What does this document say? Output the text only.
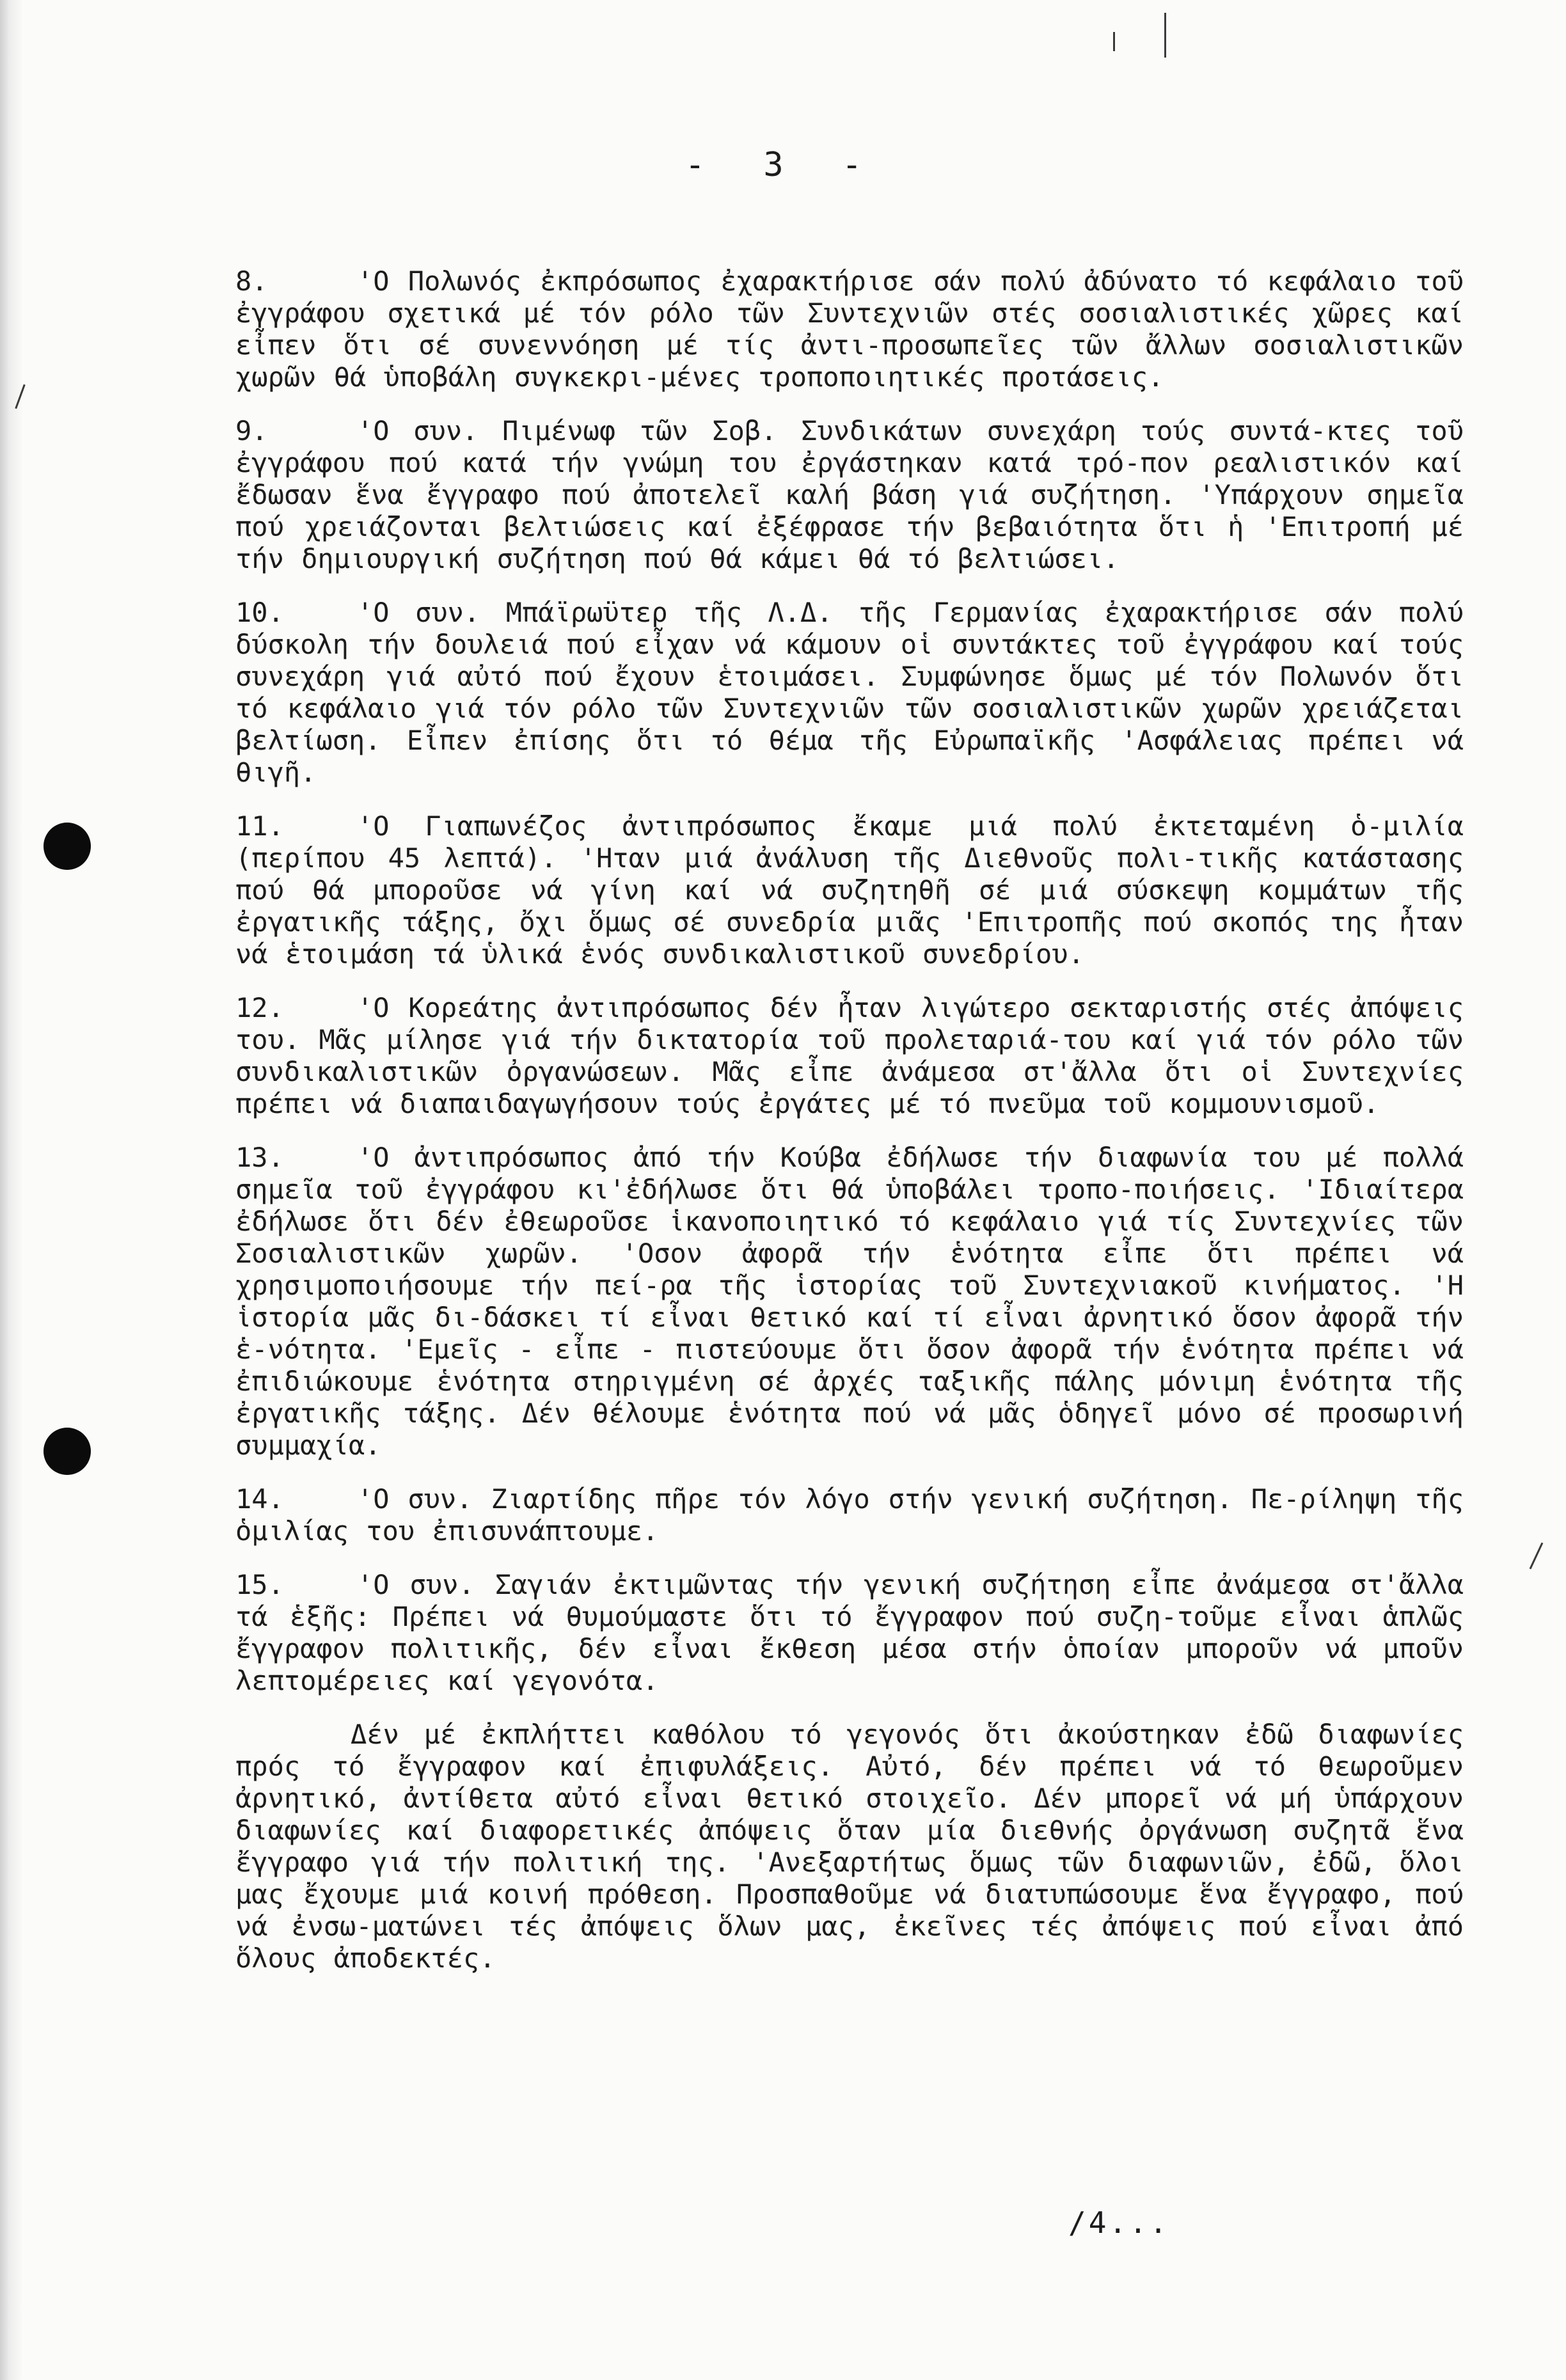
- 3 -

8.	'Ο Πολωνός ἐκπρόσωπος ἐχαρακτήρισε σάν πολύ ἀδύνατο τό κεφάλαιο τοῦ ἐγγράφου σχετικά μέ τόν ρόλο τῶν Συντεχνιῶν στές σοσιαλιστικές χῶρες καί εἶπεν ὅτι σέ συνεννόηση μέ τίς ἀντι-προσωπεῖες τῶν ἄλλων σοσιαλιστικῶν χωρῶν θά ὑποβάλη συγκεκρι-μένες τροποποιητικές προτάσεις.

9.	'Ο συν. Πιμένωφ τῶν Σοβ. Συνδικάτων συνεχάρη τούς συντά-κτες τοῦ ἐγγράφου πού κατά τήν γνώμη του ἐργάστηκαν κατά τρό-πον ρεαλιστικόν καί ἔδωσαν ἕνα ἔγγραφο πού ἀποτελεῖ καλή βάση γιά συζήτηση. 'Υπάρχουν σημεῖα πού χρειάζονται βελτιώσεις καί ἐξέφρασε τήν βεβαιότητα ὅτι ἡ 'Επιτροπή μέ τήν δημιουργική συζήτηση πού θά κάμει θά τό βελτιώσει.

10.	'Ο συν. Μπάϊρωϋτερ τῆς Λ.Δ. τῆς Γερμανίας ἐχαρακτήρισε σάν πολύ δύσκολη τήν δουλειά πού εἶχαν νά κάμουν οἱ συντάκτες τοῦ ἐγγράφου καί τούς συνεχάρη γιά αὐτό πού ἔχουν ἑτοιμάσει. Συμφώνησε ὅμως μέ τόν Πολωνόν ὅτι τό κεφάλαιο γιά τόν ρόλο τῶν Συντεχνιῶν τῶν σοσιαλιστικῶν χωρῶν χρειάζεται βελτίωση. Εἶπεν ἐπίσης ὅτι τό θέμα τῆς Εὐρωπαϊκῆς 'Ασφάλειας πρέπει νά θιγῆ.

11.	'Ο Γιαπωνέζος ἀντιπρόσωπος ἔκαμε μιά πολύ ἐκτεταμένη ὁ-μιλία (περίπου 45 λεπτά). 'Ηταν μιά ἀνάλυση τῆς Διεθνοῦς πολι-τικῆς κατάστασης πού θά μποροῦσε νά γίνη καί νά συζητηθῆ σέ μιά σύσκεψη κομμάτων τῆς ἐργατικῆς τάξης, ὄχι ὅμως σέ συνεδρία μιᾶς 'Επιτροπῆς πού σκοπός της ἦταν νά ἑτοιμάση τά ὑλικά ἑνός συνδικαλιστικοῦ συνεδρίου.

12.	'Ο Κορεάτης ἀντιπρόσωπος δέν ἦταν λιγώτερο σεκταριστής στές ἀπόψεις του. Μᾶς μίλησε γιά τήν δικτατορία τοῦ προλεταριά-του καί γιά τόν ρόλο τῶν συνδικαλιστικῶν ὀργανώσεων. Μᾶς εἶπε ἀνάμεσα στ'ἄλλα ὅτι οἱ Συντεχνίες πρέπει νά διαπαιδαγωγήσουν τούς ἐργάτες μέ τό πνεῦμα τοῦ κομμουνισμοῦ.

13.	'Ο ἀντιπρόσωπος ἀπό τήν Κούβα ἐδήλωσε τήν διαφωνία του μέ πολλά σημεῖα τοῦ ἐγγράφου κι'ἐδήλωσε ὅτι θά ὑποβάλει τροπο-ποιήσεις. 'Ιδιαίτερα ἐδήλωσε ὅτι δέν ἐθεωροῦσε ἱκανοποιητικό τό κεφάλαιο γιά τίς Συντεχνίες τῶν Σοσιαλιστικῶν χωρῶν. 'Οσον ἀφορᾶ τήν ἑνότητα εἶπε ὅτι πρέπει νά χρησιμοποιήσουμε τήν πεί-ρα τῆς ἱστορίας τοῦ Συντεχνιακοῦ κινήματος. 'Η ἱστορία μᾶς δι-δάσκει τί εἶναι θετικό καί τί εἶναι ἀρνητικό ὅσον ἀφορᾶ τήν ἑ-νότητα. 'Εμεῖς - εἶπε - πιστεύουμε ὅτι ὅσον ἀφορᾶ τήν ἑνότητα πρέπει νά ἐπιδιώκουμε ἑνότητα στηριγμένη σέ ἀρχές ταξικῆς πάλης μόνιμη ἑνότητα τῆς ἐργατικῆς τάξης. Δέν θέλουμε ἑνότητα πού νά μᾶς ὁδηγεῖ μόνο σέ προσωρινή συμμαχία.

14.	'Ο συν. Ζιαρτίδης πῆρε τόν λόγο στήν γενική συζήτηση. Πε-ρίληψη τῆς ὁμιλίας του ἐπισυνάπτουμε.

15.	'Ο συν. Σαγιάν ἐκτιμῶντας τήν γενική συζήτηση εἶπε ἀνάμεσα στ'ἄλλα τά ἑξῆς: Πρέπει νά θυμούμαστε ὅτι τό ἔγγραφον πού συζη-τοῦμε εἶναι ἁπλῶς ἔγγραφον πολιτικῆς, δέν εἶναι ἔκθεση μέσα στήν ὁποίαν μποροῦν νά μποῦν λεπτομέρειες καί γεγονότα.

Δέν μέ ἐκπλήττει καθόλου τό γεγονός ὅτι ἀκούστηκαν ἐδῶ διαφωνίες πρός τό ἔγγραφον καί ἐπιφυλάξεις. Αὐτό, δέν πρέπει νά τό θεωροῦμεν ἀρνητικό, ἀντίθετα αὐτό εἶναι θετικό στοιχεῖο. Δέν μπορεῖ νά μή ὑπάρχουν διαφωνίες καί διαφορετικές ἀπόψεις ὅταν μία διεθνής ὀργάνωση συζητᾶ ἕνα ἔγγραφο γιά τήν πολιτική της. 'Ανεξαρτήτως ὅμως τῶν διαφωνιῶν, ἐδῶ, ὅλοι μας ἔχουμε μιά κοινή πρόθεση. Προσπαθοῦμε νά διατυπώσουμε ἕνα ἔγγραφο, πού νά ἐνσω-ματώνει τές ἀπόψεις ὅλων μας, ἐκεῖνες τές ἀπόψεις πού εἶναι ἀπό ὅλους ἀποδεκτές.

/4...
